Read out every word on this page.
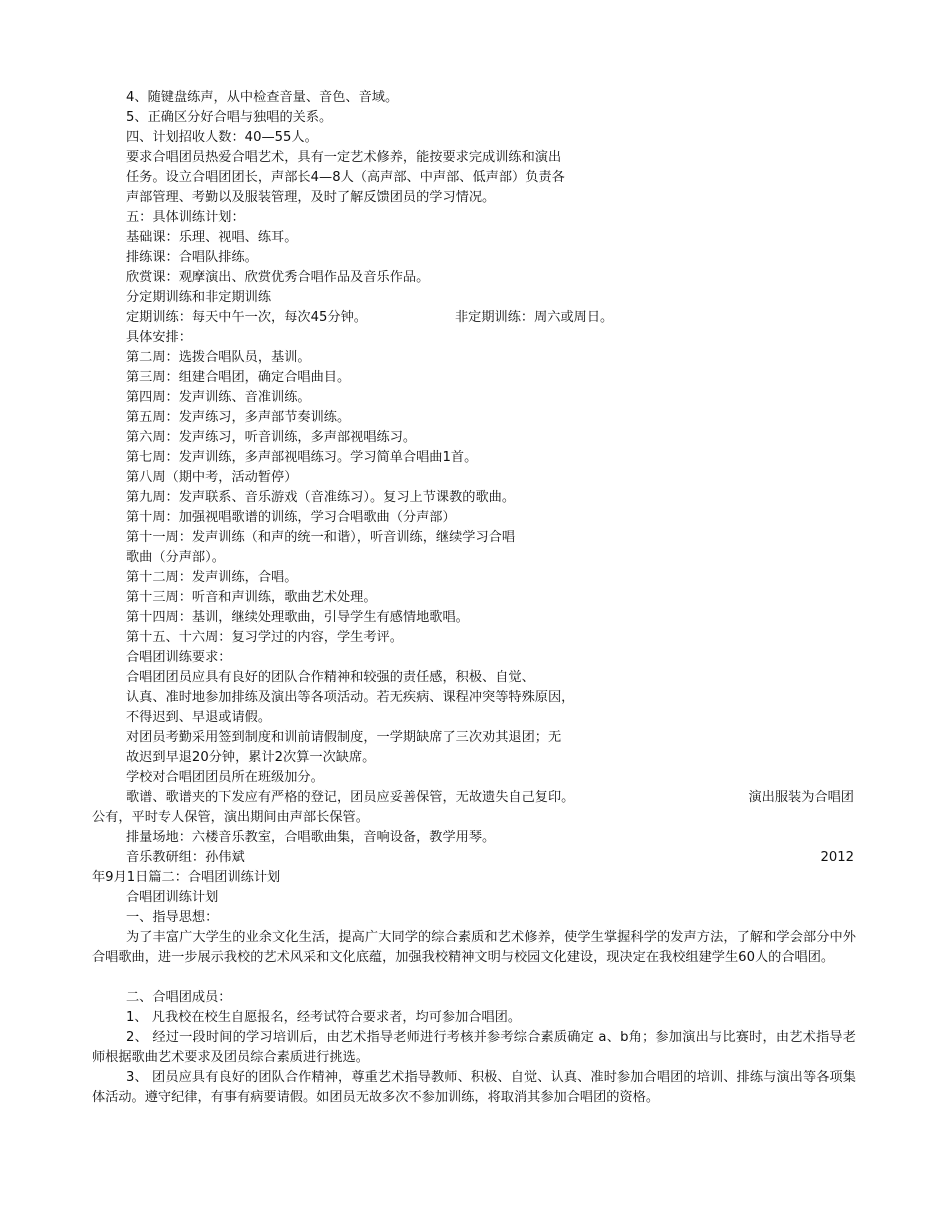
4、随键盘练声，从中检查音量、音色、音域。
5、正确区分好合唱与独唱的关系。
四、计划招收人数：40—55人。
要求合唱团员热爱合唱艺术，具有一定艺术修养，能按要求完成训练和演出
任务。设立合唱团团长，声部长4—8人（高声部、中声部、低声部）负责各
声部管理、考勤以及服装管理，及时了解反馈团员的学习情况。
五：具体训练计划：
基础课：乐理、视唱、练耳。
排练课：合唱队排练。
欣赏课：观摩演出、欣赏优秀合唱作品及音乐作品。
分定期训练和非定期训练
定期训练：每天中午一次，每次45分钟。	非定期训练：周六或周日。
具体安排：
第二周：选拨合唱队员，基训。
第三周：组建合唱团，确定合唱曲目。
第四周：发声训练、音准训练。
第五周：发声练习，多声部节奏训练。
第六周：发声练习，听音训练，多声部视唱练习。
第七周：发声训练，多声部视唱练习。学习简单合唱曲1首。
第八周（期中考，活动暂停）
第九周：发声联系、音乐游戏（音准练习）。复习上节课教的歌曲。
第十周：加强视唱歌谱的训练，学习合唱歌曲（分声部）
第十一周：发声训练（和声的统一和谐），听音训练，继续学习合唱
歌曲（分声部）。
第十二周：发声训练，合唱。
第十三周：听音和声训练，歌曲艺术处理。
第十四周：基训，继续处理歌曲，引导学生有感情地歌唱。
第十五、十六周：复习学过的内容，学生考评。
合唱团训练要求：
合唱团团员应具有良好的团队合作精神和较强的责任感，积极、自觉、
认真、准时地参加排练及演出等各项活动。若无疾病、课程冲突等特殊原因，
不得迟到、早退或请假。
对团员考勤采用签到制度和训前请假制度，一学期缺席了三次劝其退团；无
故迟到早退20分钟，累计2次算一次缺席。
学校对合唱团团员所在班级加分。
歌谱、歌谱夹的下发应有严格的登记，团员应妥善保管，无故遗失自己复印。	演出服装为合唱团
公有，平时专人保管，演出期间由声部长保管。
排量场地：六楼音乐教室，合唱歌曲集，音响设备，教学用琴。
音乐教研组：孙伟斌	2012
年9月1日篇二：合唱团训练计划
合唱团训练计划
一、指导思想：

为了丰富广大学生的业余文化生活，提高广大同学的综合素质和艺术修养，使学生掌握科学的发声方法，了解和学会部分中外合唱歌曲，进一步展示我校的艺术风采和文化底蕴，加强我校精神文明与校园文化建设，现决定在我校组建学生60人的合唱团。

二、合唱团成员：

1、 凡我校在校生自愿报名，经考试符合要求者，均可参加合唱团。

2、 经过一段时间的学习培训后，由艺术指导老师进行考核并参考综合素质确定 a、b角；参加演出与比赛时，由艺术指导老师根据歌曲艺术要求及团员综合素质进行挑选。

3、 团员应具有良好的团队合作精神，尊重艺术指导教师、积极、自觉、认真、准时参加合唱团的培训、排练与演出等各项集体活动。遵守纪律，有事有病要请假。如团员无故多次不参加训练，将取消其参加合唱团的资格。
